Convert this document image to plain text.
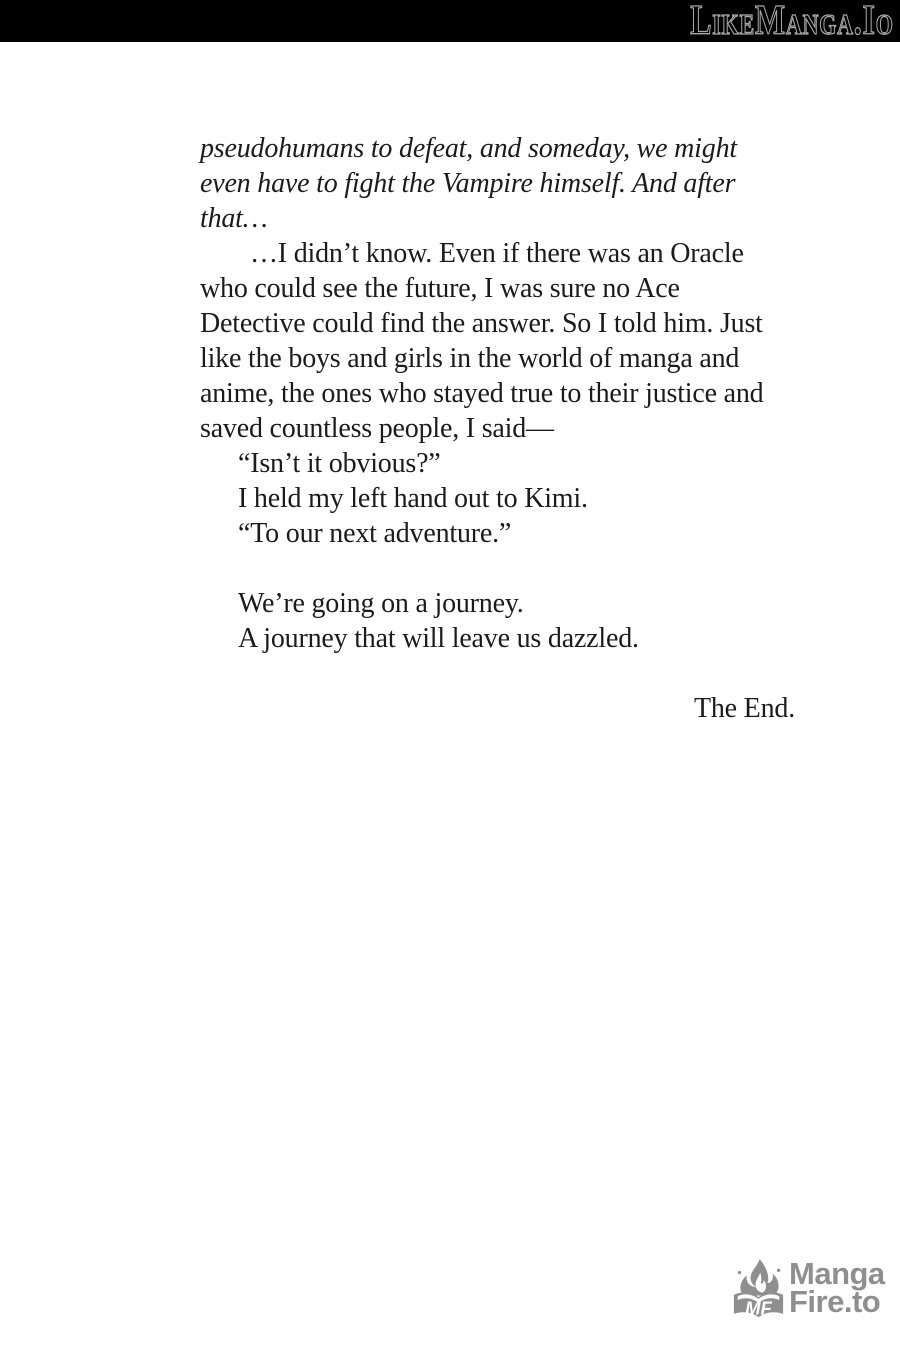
LikeManga.Io
pseudohumans to defeat, and someday, we might
even have to fight the Vampire himself. And after
that…
…I didn’t know. Even if there was an Oracle
who could see the future, I was sure no Ace
Detective could find the answer. So I told him. Just
like the boys and girls in the world of manga and
anime, the ones who stayed true to their justice and
saved countless people, I said—
“Isn’t it obvious?”
I held my left hand out to Kimi.
“To our next adventure.”

We’re going on a journey.
A journey that will leave us dazzled.

The End.
MF
Manga
Fire.to
